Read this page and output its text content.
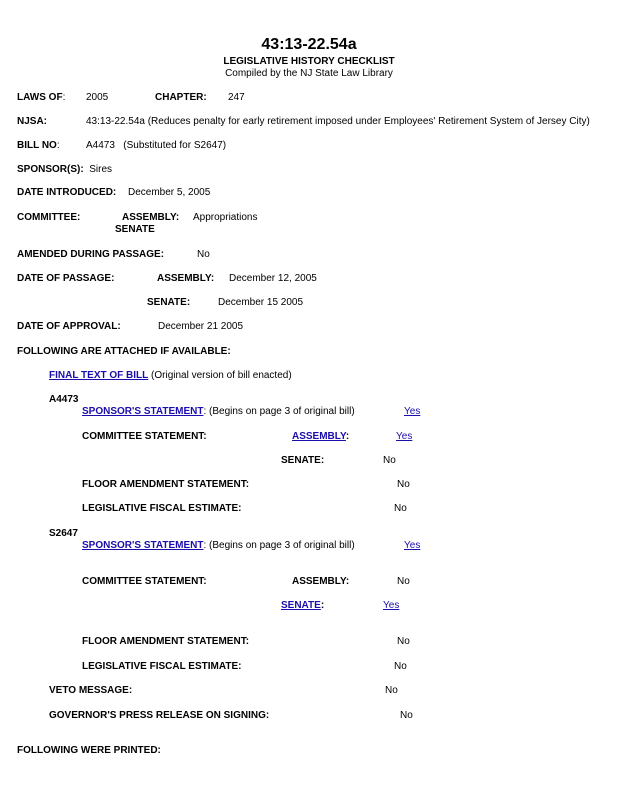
43:13-22.54a
LEGISLATIVE HISTORY CHECKLIST
Compiled by the NJ State Law Library
LAWS OF: 2005	CHAPTER: 247
NJSA:	43:13-22.54a (Reduces penalty for early retirement imposed under Employees' Retirement System of Jersey City)
BILL NO:	A4473 (Substituted for S2647)
SPONSOR(S): Sires
DATE INTRODUCED: December 5, 2005
COMMITTEE:	ASSEMBLY: Appropriations
SENATE
AMENDED DURING PASSAGE:	No
DATE OF PASSAGE:	ASSEMBLY: December 12, 2005
SENATE:	December 15 2005
DATE OF APPROVAL:	December 21 2005
FOLLOWING ARE ATTACHED IF AVAILABLE:
FINAL TEXT OF BILL (Original version of bill enacted)
A4473
SPONSOR'S STATEMENT: (Begins on page 3 of original bill)	Yes
COMMITTEE STATEMENT:	ASSEMBLY:	Yes
SENATE:	No
FLOOR AMENDMENT STATEMENT:	No
LEGISLATIVE FISCAL ESTIMATE:	No
S2647
SPONSOR'S STATEMENT: (Begins on page 3 of original bill)	Yes
COMMITTEE STATEMENT:	ASSEMBLY:	No
SENATE:	Yes
FLOOR AMENDMENT STATEMENT:	No
LEGISLATIVE FISCAL ESTIMATE:	No
VETO MESSAGE:	No
GOVERNOR'S PRESS RELEASE ON SIGNING:	No
FOLLOWING WERE PRINTED:
